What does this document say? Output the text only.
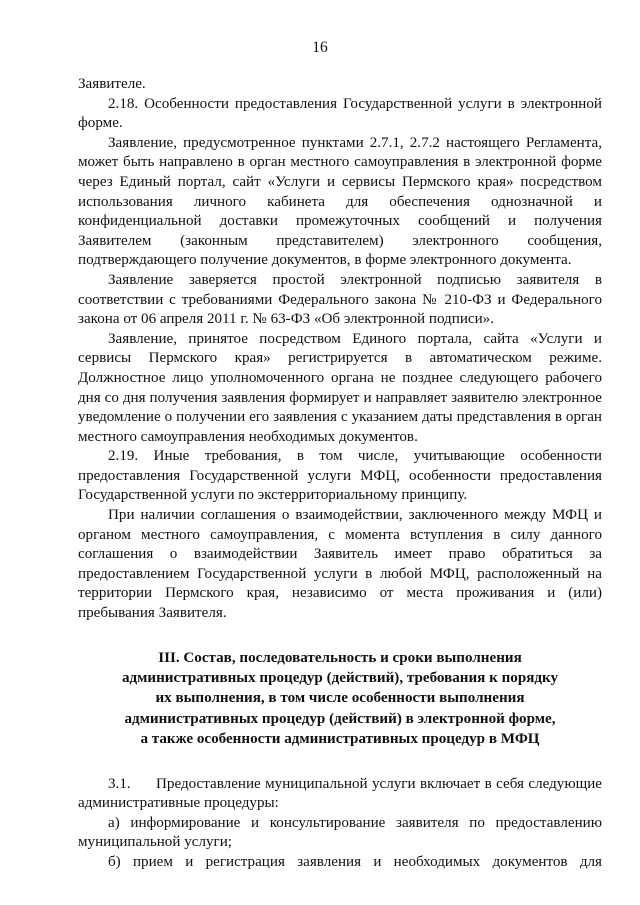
16

Заявителе.

2.18. Особенности предоставления Государственной услуги в электронной форме.

Заявление, предусмотренное пунктами 2.7.1, 2.7.2 настоящего Регламента, может быть направлено в орган местного самоуправления в электронной форме через Единый портал, сайт «Услуги и сервисы Пермского края» посредством использования личного кабинета для обеспечения однозначной и конфиденциальной доставки промежуточных сообщений и получения Заявителем (законным представителем) электронного сообщения, подтверждающего получение документов, в форме электронного документа.

Заявление заверяется простой электронной подписью заявителя в соответствии с требованиями Федерального закона № 210-ФЗ и Федерального закона от 06 апреля 2011 г. № 63-ФЗ «Об электронной подписи».

Заявление, принятое посредством Единого портала, сайта «Услуги и сервисы Пермского края» регистрируется в автоматическом режиме. Должностное лицо уполномоченного органа не позднее следующего рабочего дня со дня получения заявления формирует и направляет заявителю электронное уведомление о получении его заявления с указанием даты представления в орган местного самоуправления необходимых документов.

2.19. Иные требования, в том числе, учитывающие особенности предоставления Государственной услуги МФЦ, особенности предоставления Государственной услуги по экстерриториальному принципу.

При наличии соглашения о взаимодействии, заключенного между МФЦ и органом местного самоуправления, с момента вступления в силу данного соглашения о взаимодействии Заявитель имеет право обратиться за предоставлением Государственной услуги в любой МФЦ, расположенный на территории Пермского края, независимо от места проживания и (или) пребывания Заявителя.

III. Состав, последовательность и сроки выполнения
административных процедур (действий), требования к порядку
их выполнения, в том числе особенности выполнения
административных процедур (действий) в электронной форме,
а также особенности административных процедур в МФЦ

3.1. Предоставление муниципальной услуги включает в себя следующие административные процедуры:

а) информирование и консультирование заявителя по предоставлению муниципальной услуги;

б) прием и регистрация заявления и необходимых документов для
